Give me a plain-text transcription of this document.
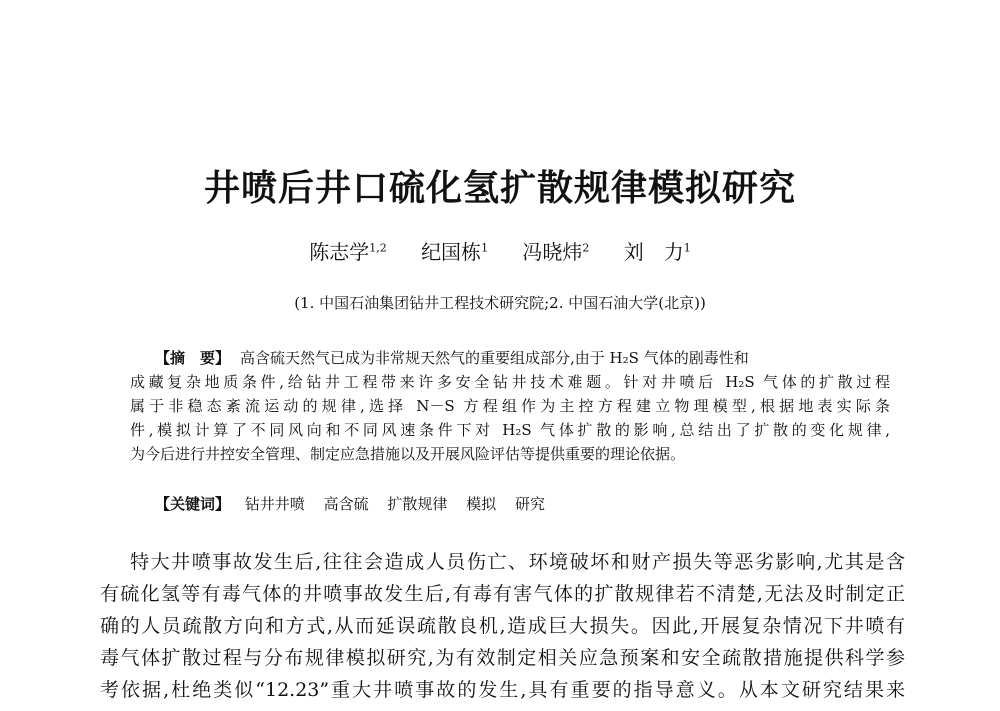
井喷后井口硫化氢扩散规律模拟研究
陈志学$^{1,2}$ 纪国栋$^1$ 冯晓炜$^2$ 刘　力$^1$
(1. 中国石油集团钻井工程技术研究院;2. 中国石油大学(北京))
【摘　要】 高含硫天然气已成为非常规天然气的重要组成部分,由于 H₂S 气体的剧毒性和
成藏复杂地质条件,给钻井工程带来许多安全钻井技术难题。针对井喷后 H₂S 气体的扩散过程
属于非稳态紊流运动的规律,选择 N－S 方程组作为主控方程建立物理模型,根据地表实际条
件,模拟计算了不同风向和不同风速条件下对 H₂S 气体扩散的影响,总结出了扩散的变化规律,
为今后进行井控安全管理、制定应急措施以及开展风险评估等提供重要的理论依据。
【关键词】 钻井井喷 高含硫 扩散规律 模拟 研究
特大井喷事故发生后,往往会造成人员伤亡、环境破坏和财产损失等恶劣影响,尤其是含
有硫化氢等有毒气体的井喷事故发生后,有毒有害气体的扩散规律若不清楚,无法及时制定正
确的人员疏散方向和方式,从而延误疏散良机,造成巨大损失。因此,开展复杂情况下井喷有
毒气体扩散过程与分布规律模拟研究,为有效制定相关应急预案和安全疏散措施提供科学参
考依据,杜绝类似“12.23”重大井喷事故的发生,具有重要的指导意义。从本文研究结果来
